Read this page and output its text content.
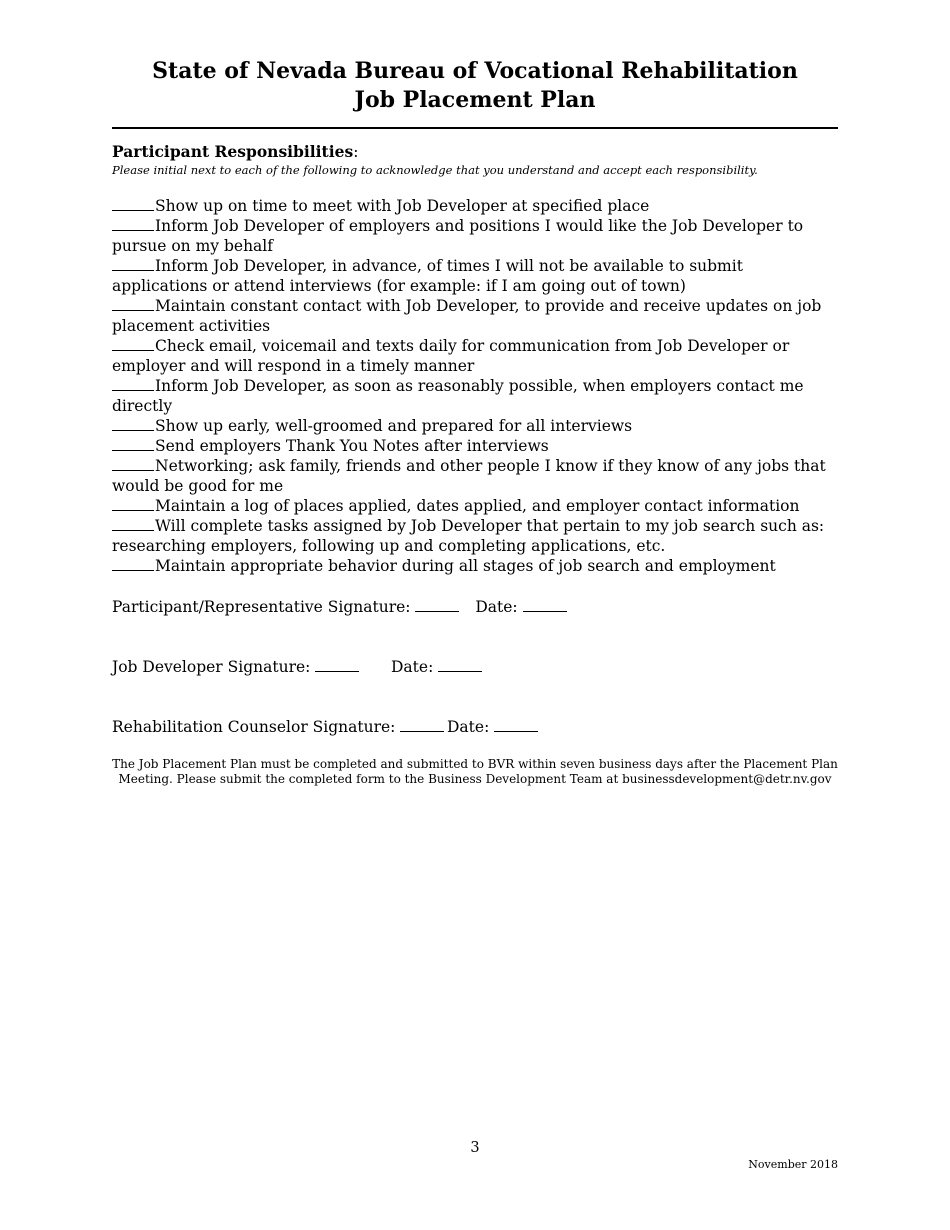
State of Nevada Bureau of Vocational Rehabilitation
Job Placement Plan
Participant Responsibilities:
Please initial next to each of the following to acknowledge that you understand and accept each responsibility.
Show up on time to meet with Job Developer at specified place
Inform Job Developer of employers and positions I would like the Job Developer to pursue on my behalf
Inform Job Developer, in advance, of times I will not be available to submit applications or attend interviews (for example: if I am going out of town)
Maintain constant contact with Job Developer, to provide and receive updates on job placement activities
Check email, voicemail and texts daily for communication from Job Developer or employer and will respond in a timely manner
Inform Job Developer, as soon as reasonably possible, when employers contact me directly
Show up early, well-groomed and prepared for all interviews
Send employers Thank You Notes after interviews
Networking; ask family, friends and other people I know if they know of any jobs that would be good for me
Maintain a log of places applied, dates applied, and employer contact information
Will complete tasks assigned by Job Developer that pertain to my job search such as: researching employers, following up and completing applications, etc.
Maintain appropriate behavior during all stages of job search and employment
Participant/Representative Signature:	Date:
Job Developer Signature:	Date:
Rehabilitation Counselor Signature:	Date:
The Job Placement Plan must be completed and submitted to BVR within seven business days after the Placement Plan
Meeting. Please submit the completed form to the Business Development Team at businessdevelopment@detr.nv.gov
3
November 2018
